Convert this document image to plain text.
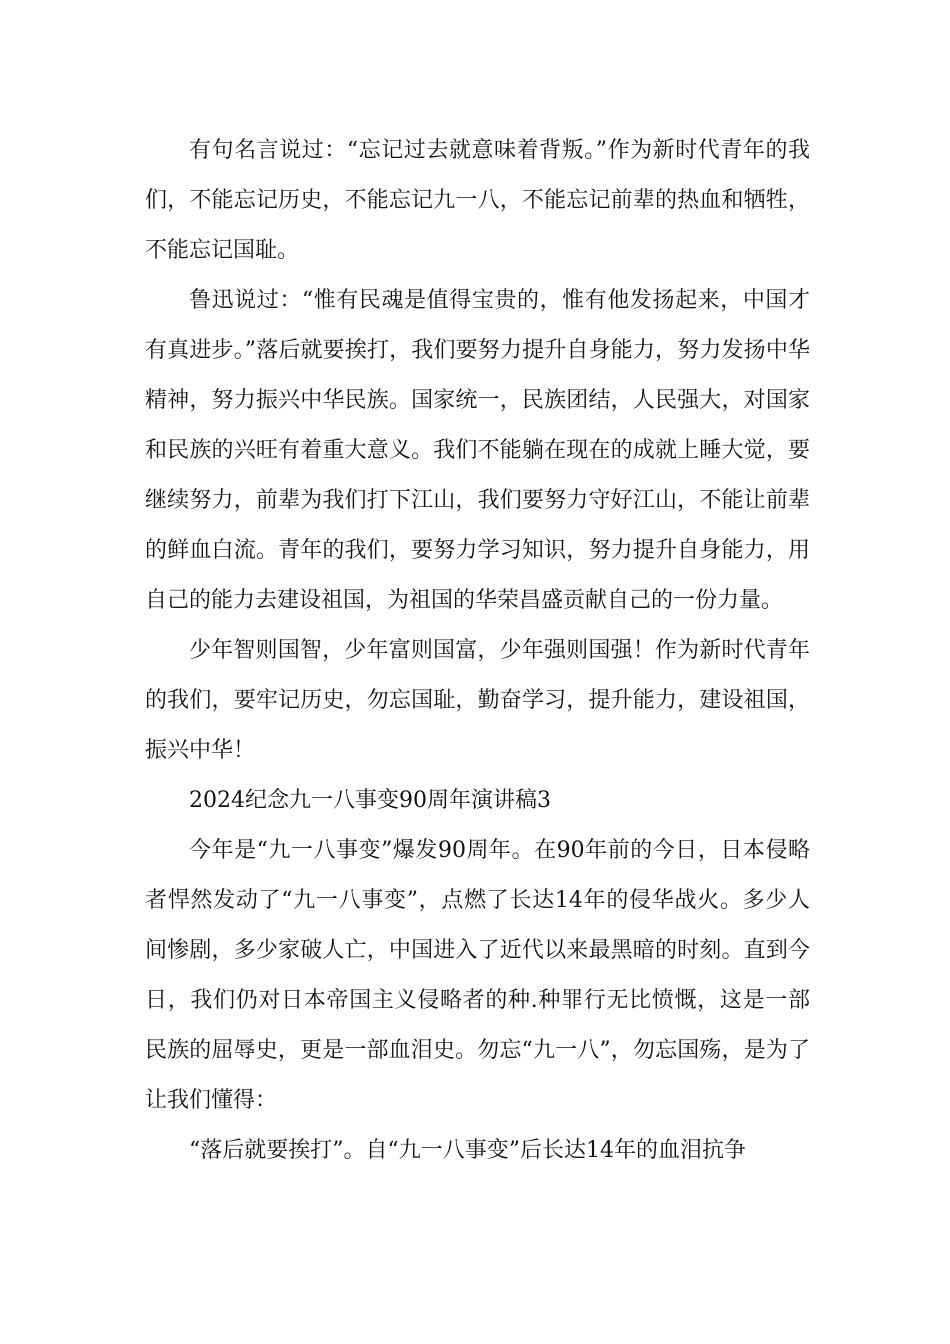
有句名言说过：“忘记过去就意味着背叛。”作为新时代青年的我们，不能忘记历史，不能忘记九一八，不能忘记前辈的热血和牺牲，不能忘记国耻。

鲁迅说过：“惟有民魂是值得宝贵的，惟有他发扬起来，中国才有真进步。”落后就要挨打，我们要努力提升自身能力，努力发扬中华精神，努力振兴中华民族。国家统一，民族团结，人民强大，对国家和民族的兴旺有着重大意义。我们不能躺在现在的成就上睡大觉，要继续努力，前辈为我们打下江山，我们要努力守好江山，不能让前辈的鲜血白流。青年的我们，要努力学习知识，努力提升自身能力，用自己的能力去建设祖国，为祖国的华荣昌盛贡献自己的一份力量。

少年智则国智，少年富则国富，少年强则国强！作为新时代青年的我们，要牢记历史，勿忘国耻，勤奋学习，提升能力，建设祖国，振兴中华！

2024纪念九一八事变90周年演讲稿3

今年是“九一八事变”爆发90周年。在90年前的今日，日本侵略者悍然发动了“九一八事变”，点燃了长达14年的侵华战火。多少人间惨剧，多少家破人亡，中国进入了近代以来最黑暗的时刻。直到今日，我们仍对日本帝国主义侵略者的种.种罪行无比愤慨，这是一部民族的屈辱史，更是一部血泪史。勿忘“九一八”，勿忘国殇，是为了让我们懂得：

“落后就要挨打”。自“九一八事变”后长达14年的血泪抗争
